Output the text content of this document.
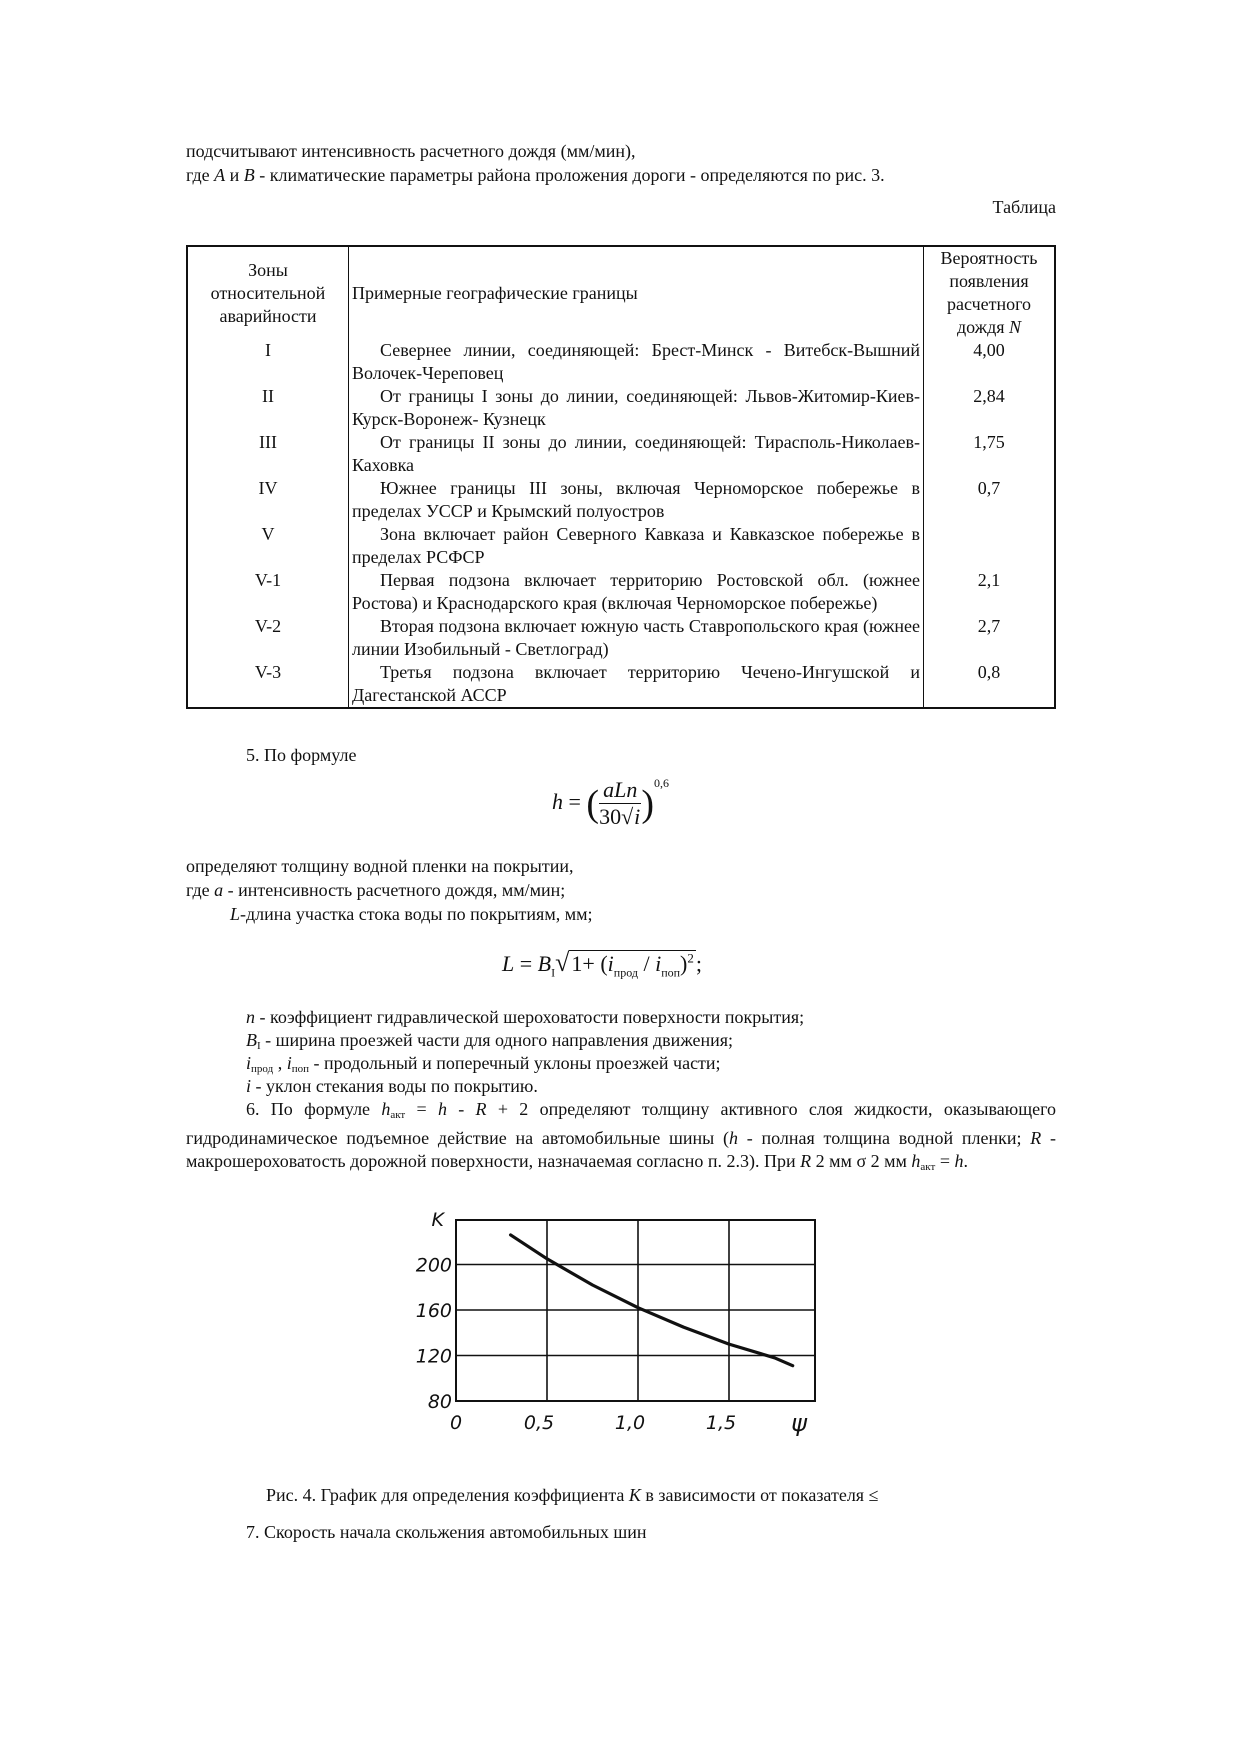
подсчитывают интенсивность расчетного дождя (мм/мин),
где A и B - климатические параметры района проложения дороги - определяются по рис. 3.
Таблица
Зоны относительной аварийности	Примерные географические границы	Вероятность появления расчетного дождя N
I	Севернее линии, соединяющей: Брест-Минск - Витебск-Вышний Волочек-Череповец	4,00
II	От границы I зоны до линии, соединяющей: Львов-Житомир-Киев-Курск-Воронеж- Кузнецк	2,84
III	От границы II зоны до линии, соединяющей: Тирасполь-Николаев-Каховка	1,75
IV	Южнее границы III зоны, включая Черноморское побережье в пределах УССР и Крымский полуостров	0,7
V	Зона включает район Северного Кавказа и Кавказское побережье в пределах РСФСР	

V-1	Первая подзона включает территорию Ростовской обл. (южнее Ростова) и Краснодарского края (включая Черноморское побережье)	2,1
V-2	Вторая подзона включает южную часть Ставропольского края (южнее линии Изобильный - Светлоград)	2,7
V-3	Третья подзона включает территорию Чечено-Ингушской и Дагестанской АССР	0,8
5. По формуле
h = ( $\frac{\text{aLn}}{30√i} )^{0,6}$
определяют толщину водной пленки на покрытии,
где a - интенсивность расчетного дождя, мм/мин;
L-длина участка стока воды по покрытиям, мм;
$L = B_I√1+ (i_{прод} / i_{поп})^2$;
n - коэффициент гидравлической шероховатости поверхности покрытия;
$B_I$ - ширина проезжей части для одного направления движения;
$i_{прод}$ , $i_{поп}$ - продольный и поперечный уклоны проезжей части;
i - уклон стекания воды по покрытию.
6. По формуле $h_{акт} = h - R + 2$ определяют толщину активного слоя жидкости, оказывающего гидродинамическое подъемное действие на автомобильные шины (h - полная толщина водной пленки; R - макрошероховатость дорожной поверхности, назначаемая согласно п. 2.3). При R 2 мм σ 2 мм $h_{акт} = h$.
80
120
160
200
K
0	0,5	1,0	1,5 ψ
Рис. 4. График для определения коэффициента K в зависимости от показателя ≤
7. Скорость начала скольжения автомобильных шин
